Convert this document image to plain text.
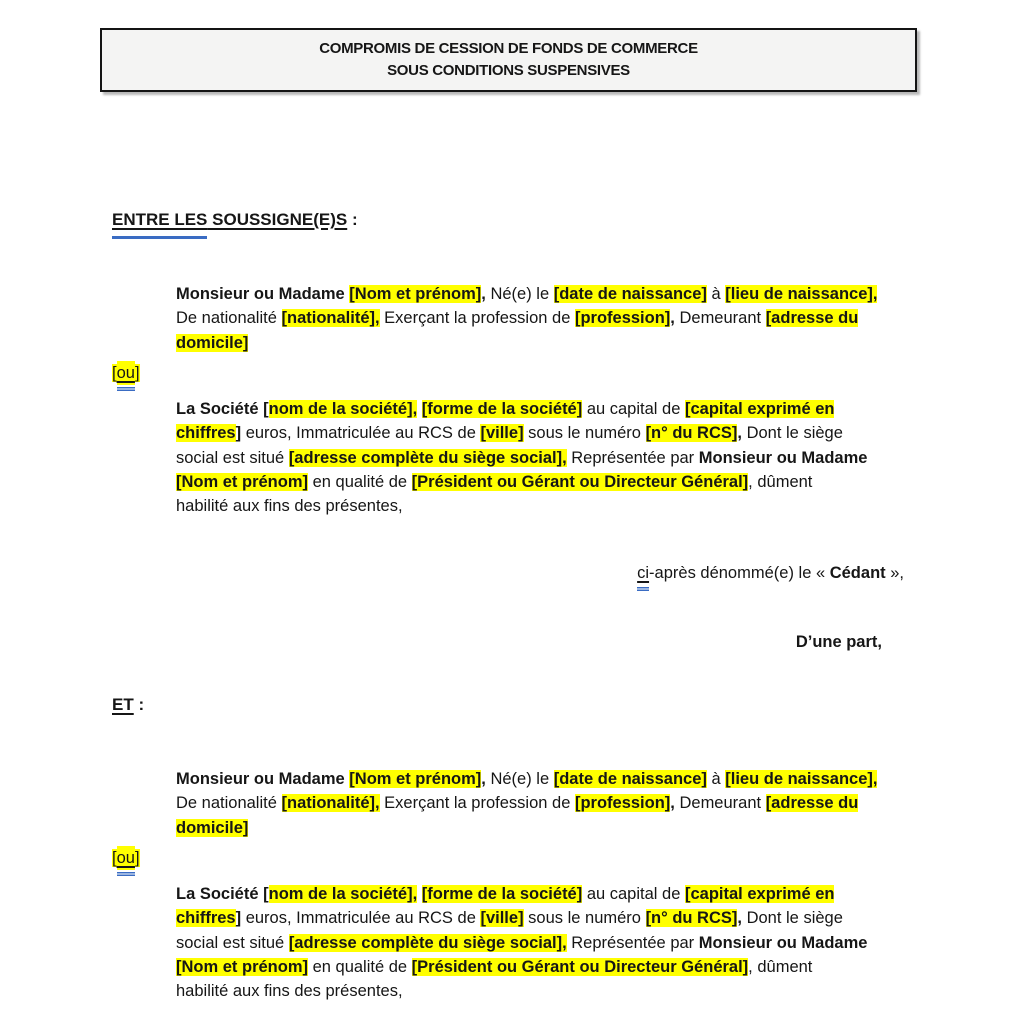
COMPROMIS DE CESSION DE FONDS DE COMMERCE
SOUS CONDITIONS SUSPENSIVES
ENTRE LES SOUSSIGNE(E)S :
Monsieur ou Madame [Nom et prénom], Né(e) le [date de naissance] à [lieu de naissance],
De nationalité [nationalité], Exerçant la profession de [profession], Demeurant [adresse du
domicile]
[ou]
La Société [nom de la société], [forme de la société] au capital de [capital exprimé en
chiffres] euros, Immatriculée au RCS de [ville] sous le numéro [n° du RCS], Dont le siège
social est situé [adresse complète du siège social], Représentée par Monsieur ou Madame
[Nom et prénom] en qualité de [Président ou Gérant ou Directeur Général], dûment
habilité aux fins des présentes,
ci-après dénommé(e) le « Cédant »,
D’une part,
ET :
Monsieur ou Madame [Nom et prénom], Né(e) le [date de naissance] à [lieu de naissance],
De nationalité [nationalité], Exerçant la profession de [profession], Demeurant [adresse du
domicile]
[ou]
La Société [nom de la société], [forme de la société] au capital de [capital exprimé en
chiffres] euros, Immatriculée au RCS de [ville] sous le numéro [n° du RCS], Dont le siège
social est situé [adresse complète du siège social], Représentée par Monsieur ou Madame
[Nom et prénom] en qualité de [Président ou Gérant ou Directeur Général], dûment
habilité aux fins des présentes,
